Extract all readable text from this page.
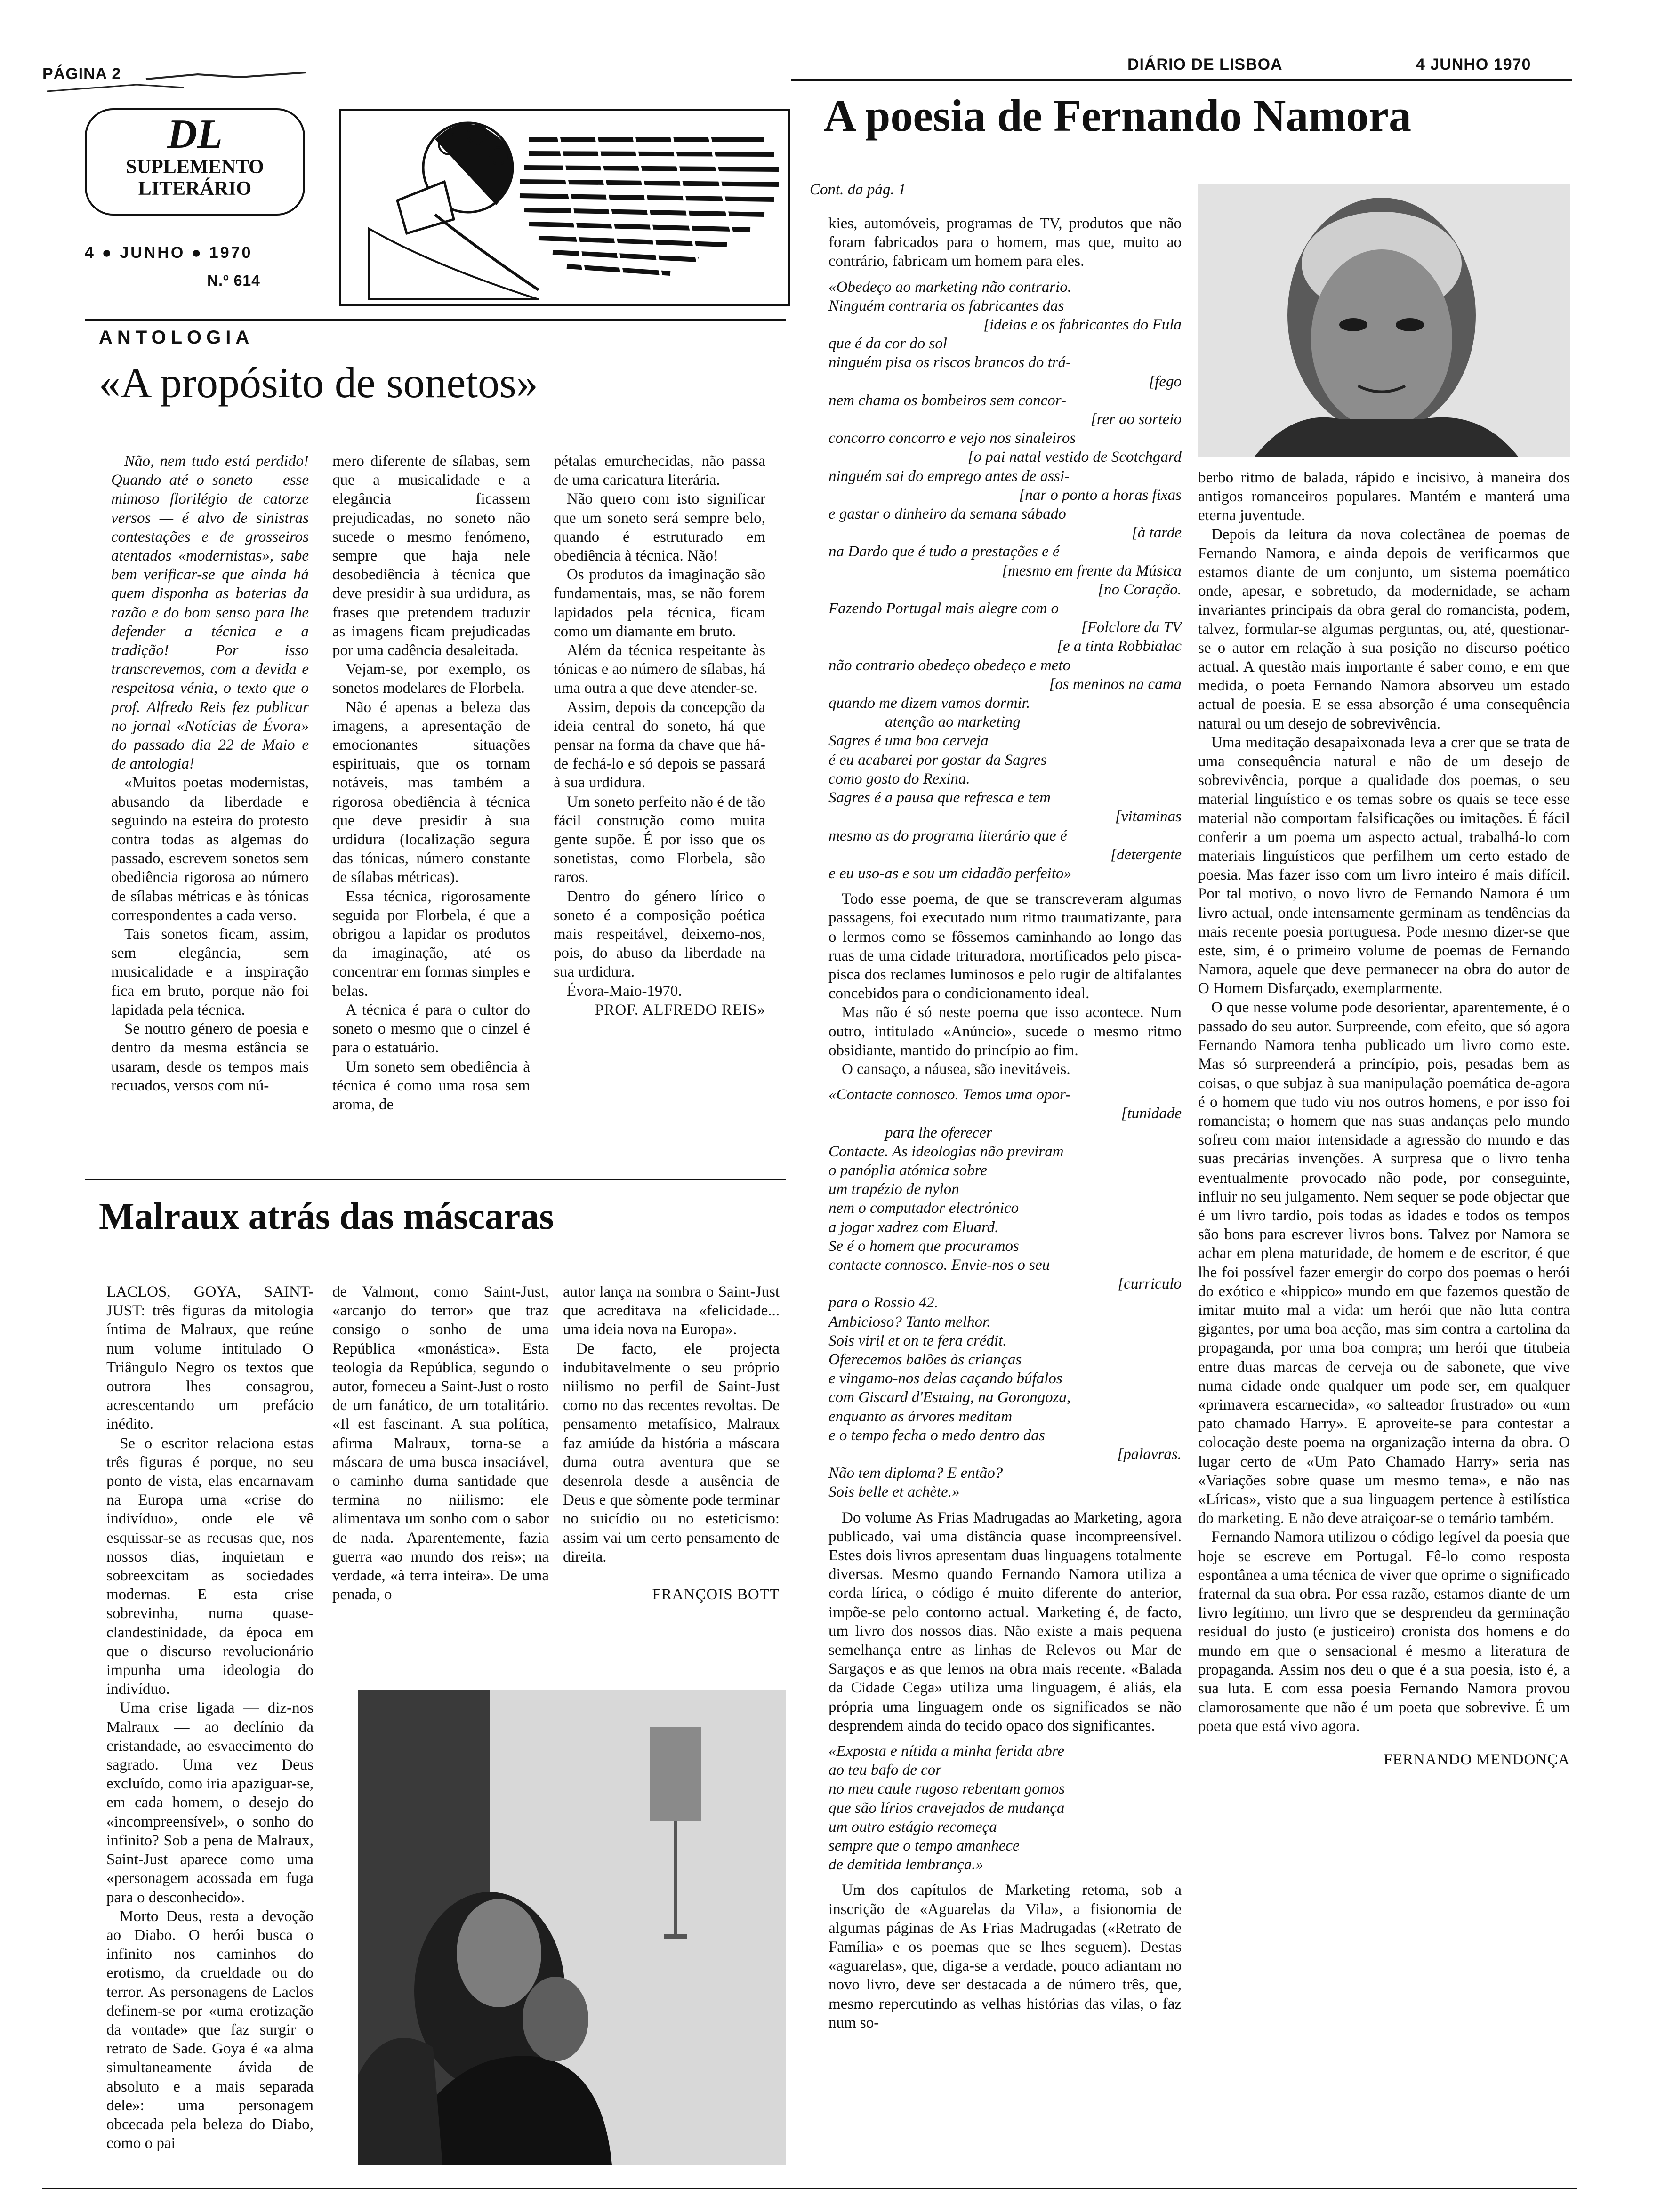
PÁGINA 2
DIÁRIO DE LISBOA	4 JUNHO 1970
DL
SUPLEMENTO
LITERÁRIO
4 ● JUNHO ● 1970
N.º 614
ANTOLOGIA
«A propósito de sonetos»

Não, nem tudo está perdido! Quando até o soneto — esse mimoso florilégio de catorze versos — é alvo de sinistras contestações e de grosseiros atentados «modernistas», sabe bem verificar-se que ainda há quem disponha as baterias da razão e do bom senso para lhe defender a técnica e a tradição! Por isso transcrevemos, com a devida e respeitosa vénia, o texto que o prof. Alfredo Reis fez publicar no jornal «Notícias de Évora» do passado dia 22 de Maio e de antologia!

«Muitos poetas modernistas, abusando da liberdade e seguindo na esteira do protesto contra todas as algemas do passado, escrevem sonetos sem obediência rigorosa ao número de sílabas métricas e às tónicas correspondentes a cada verso.

Tais sonetos ficam, assim, sem elegância, sem musicalidade e a inspiração fica em bruto, porque não foi lapidada pela técnica.

Se noutro género de poesia e dentro da mesma estância se usaram, desde os tempos mais recuados, versos com nú-

mero diferente de sílabas, sem que a musicalidade e a elegância ficassem prejudicadas, no soneto não sucede o mesmo fenómeno, sempre que haja nele desobediência à técnica que deve presidir à sua urdidura, as frases que pretendem traduzir as imagens ficam prejudicadas por uma cadência desaleitada.

Vejam-se, por exemplo, os sonetos modelares de Florbela.

Não é apenas a beleza das imagens, a apresentação de emocionantes situações espirituais, que os tornam notáveis, mas também a rigorosa obediência à técnica que deve presidir à sua urdidura (localização segura das tónicas, número constante de sílabas métricas).

Essa técnica, rigorosamente seguida por Florbela, é que a obrigou a lapidar os produtos da imaginação, até os concentrar em formas simples e belas.

A técnica é para o cultor do soneto o mesmo que o cinzel é para o estatuário.

Um soneto sem obediência à técnica é como uma rosa sem aroma, de

pétalas emurchecidas, não passa de uma caricatura literária.

Não quero com isto significar que um soneto será sempre belo, quando é estruturado em obediência à técnica. Não!

Os produtos da imaginação são fundamentais, mas, se não forem lapidados pela técnica, ficam como um diamante em bruto.

Além da técnica respeitante às tónicas e ao número de sílabas, há uma outra a que deve atender-se.

Assim, depois da concepção da ideia central do soneto, há que pensar na forma da chave que há-de fechá-lo e só depois se passará à sua urdidura.

Um soneto perfeito não é de tão fácil construção como muita gente supõe. É por isso que os sonetistas, como Florbela, são raros.

Dentro do género lírico o soneto é a composição poética mais respeitável, deixemo-nos, pois, do abuso da liberdade na sua urdidura.

Évora-Maio-1970.

PROF. ALFREDO REIS»

Malraux atrás das máscaras

LACLOS, GOYA, SAINT-JUST: três figuras da mitologia íntima de Malraux, que reúne num volume intitulado O Triângulo Negro os textos que outrora lhes consagrou, acrescentando um prefácio inédito.

Se o escritor relaciona estas três figuras é porque, no seu ponto de vista, elas encarnavam na Europa uma «crise do indivíduo», onde ele vê esquissar-se as recusas que, nos nossos dias, inquietam e sobreexcitam as sociedades modernas. E esta crise sobrevinha, numa quase-clandestinidade, da época em que o discurso revolucionário impunha uma ideologia do indivíduo.

Uma crise ligada — diz-nos Malraux — ao declínio da cristandade, ao esvaecimento do sagrado. Uma vez Deus excluído, como iria apaziguar-se, em cada homem, o desejo do «incompreensível», o sonho do infinito? Sob a pena de Malraux, Saint-Just aparece como uma «personagem acossada em fuga para o desconhecido».

Morto Deus, resta a devoção ao Diabo. O herói busca o infinito nos caminhos do erotismo, da crueldade ou do terror. As personagens de Laclos definem-se por «uma erotização da vontade» que faz surgir o retrato de Sade. Goya é «a alma simultaneamente ávida de absoluto e a mais separada dele»: uma personagem obcecada pela beleza do Diabo, como o pai

de Valmont, como Saint-Just, «arcanjo do terror» que traz consigo o sonho de uma República «monástica». Esta teologia da República, segundo o autor, forneceu a Saint-Just o rosto de um fanático, de um totalitário. «Il est fascinant. A sua política, afirma Malraux, torna-se a máscara de uma busca insaciável, o caminho duma santidade que termina no niilismo: ele alimentava um sonho com o sabor de nada. Aparentemente, fazia guerra «ao mundo dos reis»; na verdade, «à terra inteira». De uma penada, o

autor lança na sombra o Saint-Just que acreditava na «felicidade... uma ideia nova na Europa».

De facto, ele projecta indubitavelmente o seu próprio niilismo no perfil de Saint-Just como no das recentes revoltas. De pensamento metafísico, Malraux faz amiúde da história a máscara duma outra aventura que se desenrola desde a ausência de Deus e que sòmente pode terminar no suicídio ou no esteticismo: assim vai um certo pensamento de direita.

FRANÇOIS BOTT

A poesia de Fernando Namora
Cont. da pág. 1

kies, automóveis, programas de TV, produtos que não foram fabricados para o homem, mas que, muito ao contrário, fabricam um homem para eles.

«Obedeço ao marketing não contrario.

Ninguém contraria os fabricantes das

[ideias e os fabricantes do Fula

que é da cor do sol

ninguém pisa os riscos brancos do trá-

[fego

nem chama os bombeiros sem concor-

[rer ao sorteio

concorro concorro e vejo nos sinaleiros

[o pai natal vestido de Scotchgard

ninguém sai do emprego antes de assi-

[nar o ponto a horas fixas

e gastar o dinheiro da semana sábado

[à tarde

na Dardo que é tudo a prestações e é

[mesmo em frente da Música

[no Coração.

Fazendo Portugal mais alegre com o

[Folclore da TV

[e a tinta Robbialac

não contrario obedeço obedeço e meto

[os meninos na cama

quando me dizem vamos dormir.

atenção ao marketing

Sagres é uma boa cerveja

é eu acabarei por gostar da Sagres

como gosto do Rexina.

Sagres é a pausa que refresca e tem

[vitaminas

mesmo as do programa literário que é

[detergente

e eu uso-as e sou um cidadão perfeito»

Todo esse poema, de que se transcreveram algumas passagens, foi executado num ritmo traumatizante, para o lermos como se fôssemos caminhando ao longo das ruas de uma cidade trituradora, mortificados pelo pisca-pisca dos reclames luminosos e pelo rugir de altifalantes concebidos para o condicionamento ideal.

Mas não é só neste poema que isso acontece. Num outro, intitulado «Anúncio», sucede o mesmo ritmo obsidiante, mantido do princípio ao fim.

O cansaço, a náusea, são inevitáveis.

«Contacte connosco. Temos uma opor-

[tunidade

para lhe oferecer

Contacte. As ideologias não previram

o panóplia atómica sobre

um trapézio de nylon

nem o computador electrónico

a jogar xadrez com Eluard.

Se é o homem que procuramos

contacte connosco. Envie-nos o seu

[curriculo

para o Rossio 42.

Ambicioso? Tanto melhor.

Sois viril et on te fera crédit.

Oferecemos balões às crianças

e vingamo-nos delas caçando búfalos

com Giscard d'Estaing, na Gorongoza,

enquanto as árvores meditam

e o tempo fecha o medo dentro das

[palavras.

Não tem diploma? E então?

Sois belle et achète.»

Do volume As Frias Madrugadas ao Marketing, agora publicado, vai uma distância quase incompreensível. Estes dois livros apresentam duas linguagens totalmente diversas. Mesmo quando Fernando Namora utiliza a corda lírica, o código é muito diferente do anterior, impõe-se pelo contorno actual. Marketing é, de facto, um livro dos nossos dias. Não existe a mais pequena semelhança entre as linhas de Relevos ou Mar de Sargaços e as que lemos na obra mais recente. «Balada da Cidade Cega» utiliza uma linguagem, é aliás, ela própria uma linguagem onde os significados se não desprendem ainda do tecido opaco dos significantes.

«Exposta e nítida a minha ferida abre

ao teu bafo de cor

no meu caule rugoso rebentam gomos

que são lírios cravejados de mudança

um outro estágio recomeça

sempre que o tempo amanhece

de demitida lembrança.»

Um dos capítulos de Marketing retoma, sob a inscrição de «Aguarelas da Vila», a fisionomia de algumas páginas de As Frias Madrugadas («Retrato de Família» e os poemas que se lhes seguem). Destas «aguarelas», que, diga-se a verdade, pouco adiantam no novo livro, deve ser destacada a de número três, que, mesmo repercutindo as velhas histórias das vilas, o faz num so-

berbo ritmo de balada, rápido e incisivo, à maneira dos antigos romanceiros populares. Mantém e manterá uma eterna juventude.

Depois da leitura da nova colectânea de poemas de Fernando Namora, e ainda depois de verificarmos que estamos diante de um conjunto, um sistema poemático onde, apesar, e sobretudo, da modernidade, se acham invariantes principais da obra geral do romancista, podem, talvez, formular-se algumas perguntas, ou, até, questionar-se o autor em relação à sua posição no discurso poético actual. A questão mais importante é saber como, e em que medida, o poeta Fernando Namora absorveu um estado actual de poesia. E se essa absorção é uma consequência natural ou um desejo de sobrevivência.

Uma meditação desapaixonada leva a crer que se trata de uma consequência natural e não de um desejo de sobrevivência, porque a qualidade dos poemas, o seu material linguístico e os temas sobre os quais se tece esse material não comportam falsificações ou imitações. É fácil conferir a um poema um aspecto actual, trabalhá-lo com materiais linguísticos que perfilhem um certo estado de poesia. Mas fazer isso com um livro inteiro é mais difícil. Por tal motivo, o novo livro de Fernando Namora é um livro actual, onde intensamente germinam as tendências da mais recente poesia portuguesa. Pode mesmo dizer-se que este, sim, é o primeiro volume de poemas de Fernando Namora, aquele que deve permanecer na obra do autor de O Homem Disfarçado, exemplarmente.

O que nesse volume pode desorientar, aparentemente, é o passado do seu autor. Surpreende, com efeito, que só agora Fernando Namora tenha publicado um livro como este. Mas só surpreenderá a princípio, pois, pesadas bem as coisas, o que subjaz à sua manipulação poemática de-agora é o homem que tudo viu nos outros homens, e por isso foi romancista; o homem que nas suas andanças pelo mundo sofreu com maior intensidade a agressão do mundo e das suas precárias invenções. A surpresa que o livro tenha eventualmente provocado não pode, por conseguinte, influir no seu julgamento. Nem sequer se pode objectar que é um livro tardio, pois todas as idades e todos os tempos são bons para escrever livros bons. Talvez por Namora se achar em plena maturidade, de homem e de escritor, é que lhe foi possível fazer emergir do corpo dos poemas o herói do exótico e «hippico» mundo em que fazemos questão de imitar muito mal a vida: um herói que não luta contra gigantes, por uma boa acção, mas sim contra a cartolina da propaganda, por uma boa compra; um herói que titubeia entre duas marcas de cerveja ou de sabonete, que vive numa cidade onde qualquer um pode ser, em qualquer «primavera escarnecida», «o salteador frustrado» ou «um pato chamado Harry». E aproveite-se para contestar a colocação deste poema na organização interna da obra. O lugar certo de «Um Pato Chamado Harry» seria nas «Variações sobre quase um mesmo tema», e não nas «Líricas», visto que a sua linguagem pertence à estilística do marketing. E não deve atraiçoar-se o temário também.

Fernando Namora utilizou o código legível da poesia que hoje se escreve em Portugal. Fê-lo como resposta espontânea a uma técnica de viver que oprime o significado fraternal da sua obra. Por essa razão, estamos diante de um livro legítimo, um livro que se desprendeu da germinação residual do justo (e justiceiro) cronista dos homens e do mundo em que o sensacional é mesmo a literatura de propaganda. Assim nos deu o que é a sua poesia, isto é, a sua luta. E com essa poesia Fernando Namora provou clamorosamente que não é um poeta que sobrevive. É um poeta que está vivo agora.

FERNANDO MENDONÇA
